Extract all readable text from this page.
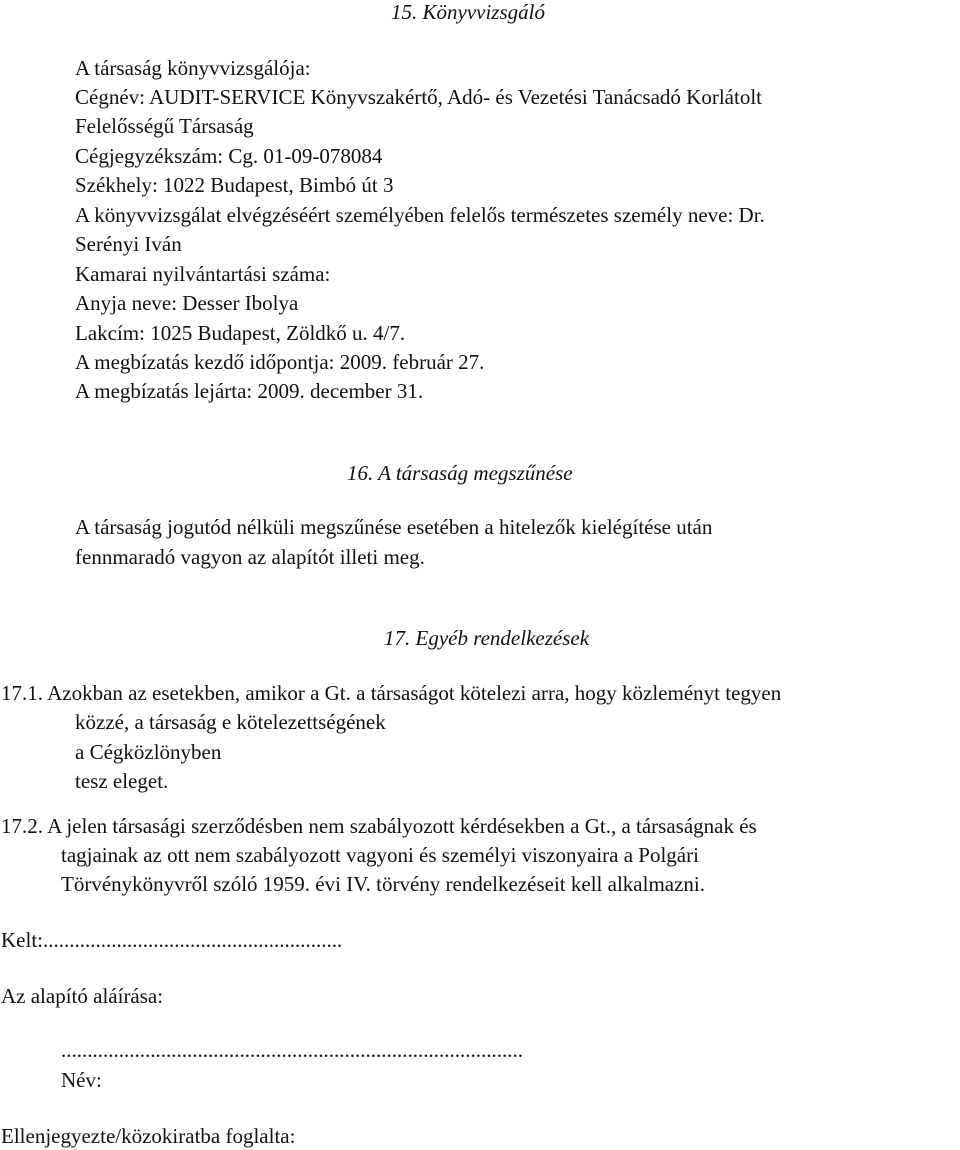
15. Könyvvizsgáló
A társaság könyvvizsgálója:
Cégnév: AUDIT-SERVICE Könyvszakértő, Adó- és Vezetési Tanácsadó Korlátolt
Felelősségű Társaság
Cégjegyzékszám: Cg. 01-09-078084
Székhely: 1022 Budapest, Bimbó út 3
A könyvvizsgálat elvégzéséért személyében felelős természetes személy neve: Dr.
Serényi Iván
Kamarai nyilvántartási száma:
Anyja neve: Desser Ibolya
Lakcím: 1025 Budapest, Zöldkő u. 4/7.
A megbízatás kezdő időpontja: 2009. február 27.
A megbízatás lejárta: 2009. december 31.
16. A társaság megszűnése
A társaság jogutód nélküli megszűnése esetében a hitelezők kielégítése után
fennmaradó vagyon az alapítót illeti meg.
17. Egyéb rendelkezések
17.1. Azokban az esetekben, amikor a Gt. a társaságot kötelezi arra, hogy közleményt tegyen
közzé, a társaság e kötelezettségének
a Cégközlönyben
tesz eleget.
17.2. A jelen társasági szerződésben nem szabályozott kérdésekben a Gt., a társaságnak és
tagjainak az ott nem szabályozott vagyoni és személyi viszonyaira a Polgári
Törvénykönyvről szóló 1959. évi IV. törvény rendelkezéseit kell alkalmazni.
Kelt:.........................................................
Az alapító aláírása:
........................................................................................
Név:
Ellenjegyezte/közokiratba foglalta:
